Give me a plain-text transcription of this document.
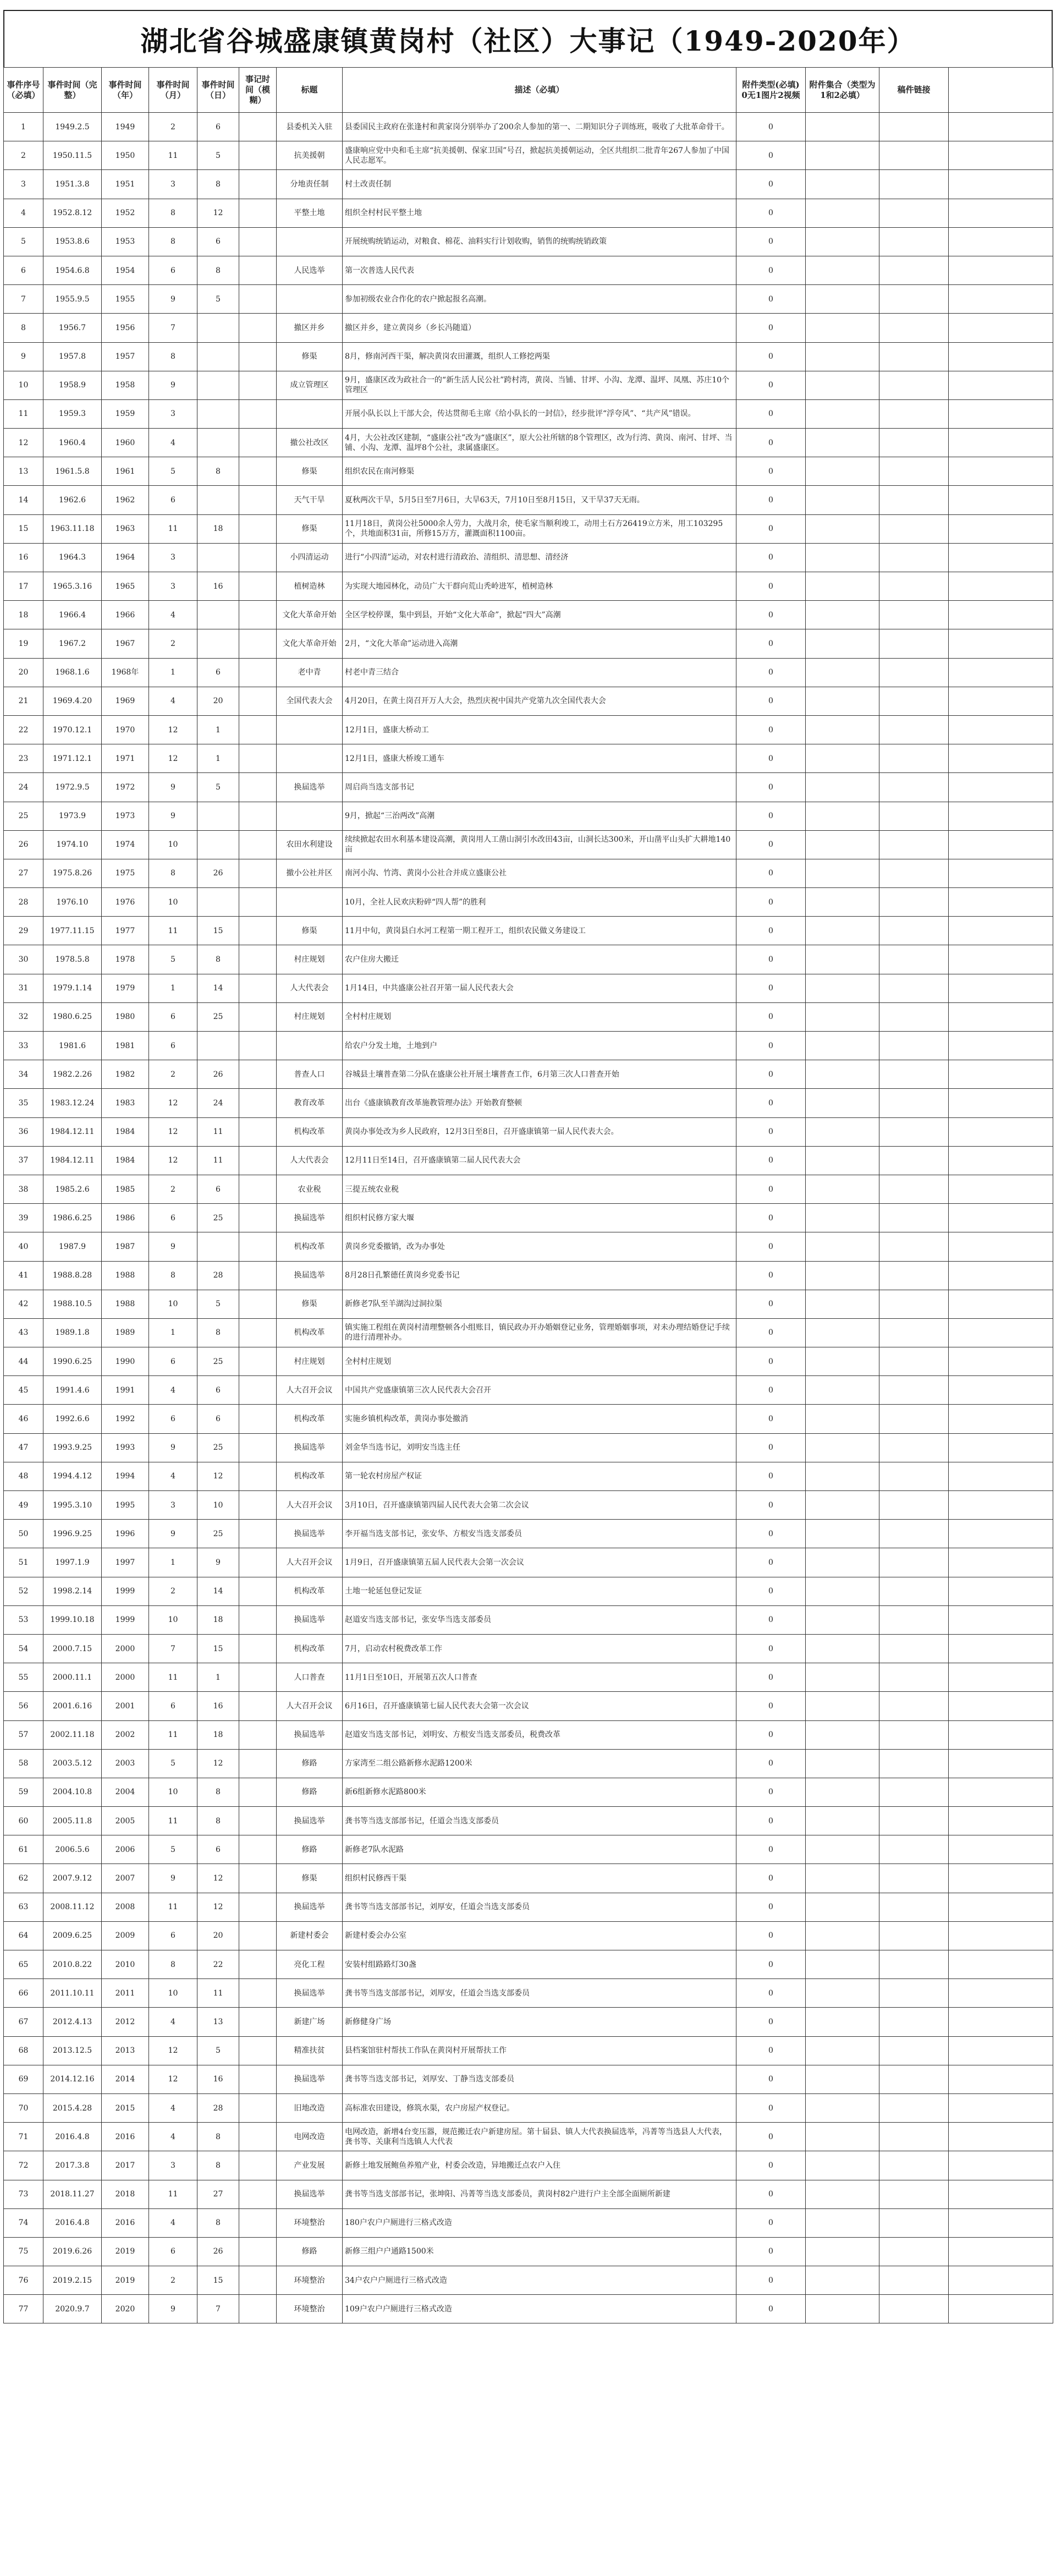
湖北省谷城盛康镇黄岗村（社区）大事记（1949-2020年）
事件序号（必填）	事件时间（完整）	事件时间（年）	事件时间（月）	事件时间（日）	事记时间（模糊）	标题	描述（必填）	附件类型(必填) 0无1图片2视频	附件集合（类型为1和2必填）	稿件链接	
1	1949.2.5	1949	2	6		县委机关入驻	县委国民主政府在张逢村和黄家岗分别举办了200余人参加的第一、二期知识分子训练班，吸收了大批革命骨干。	0			
2	1950.11.5	1950	11	5		抗美援朝	盛康响应党中央和毛主席“抗美援朝、保家卫国”号召，掀起抗美援朝运动，全区共组织二批青年267人参加了中国人民志愿军。	0			
3	1951.3.8	1951	3	8		分地责任制	村土改责任制	0			
4	1952.8.12	1952	8	12		平整土地	组织全村村民平整土地	0			
5	1953.8.6	1953	8	6			开展统购统销运动，对粮食、棉花、油料实行计划收购，销售的统购统销政策	0			
6	1954.6.8	1954	6	8		人民选举	第一次普选人民代表	0			
7	1955.9.5	1955	9	5			参加初级农业合作化的农户掀起报名高潮。	0			
8	1956.7	1956	7			撤区并乡	撤区并乡，建立黄岗乡（乡长冯随道）	0			
9	1957.8	1957	8			修渠	8月，修南河西干渠，解决黄岗农田灌溉，组织人工修挖两渠	0			
10	1958.9	1958	9			成立管理区	9月，盛康区改为政社合一的“新生活人民公社”跨村湾，黄岗、当铺、甘坪、小沟、龙潭、温坪、凤凰、苏庄10个管理区	0			
11	1959.3	1959	3				开展小队长以上干部大会，传达贯彻毛主席《给小队长的一封信》，经步批评“浮夸风”、“共产风”错误。	0			
12	1960.4	1960	4			撤公社改区	4月，大公社改区建制，“盛康公社”改为“盛康区”，原大公社所辖的8个管理区，改为行湾、黄岗、南河、甘坪、当铺、小沟、龙潭、温坪8个公社，隶属盛康区。	0			
13	1961.5.8	1961	5	8		修渠	组织农民在南河修渠	0			
14	1962.6	1962	6			天气干旱	夏秋两次干旱，5月5日至7月6日，大旱63天，7月10日至8月15日，又干旱37天无雨。	0			
15	1963.11.18	1963	11	18		修渠	11月18日，黄岗公社5000余人劳力，大战月余，使毛家当顺利竣工，动用土石方26419立方米，用工103295个，共地面积31亩，所修15万方，灌溉面积1100亩。	0			
16	1964.3	1964	3			小四清运动	进行“小四清”运动，对农村进行清政治、清组织、清思想、清经济	0			
17	1965.3.16	1965	3	16		植树造林	为实现大地园林化，动员广大干群向荒山秃岭进军，植树造林	0			
18	1966.4	1966	4			文化大革命开始	全区学校停课，集中到县，开始“文化大革命”，掀起“四大”高潮	0			
19	1967.2	1967	2			文化大革命开始	2月，“文化大革命”运动进入高潮	0			
20	1968.1.6	1968年	1	6		老中青	村老中青三结合	0			
21	1969.4.20	1969	4	20		全国代表大会	4月20日，在黄土岗召开万人大会，热烈庆祝中国共产党第九次全国代表大会	0			
22	1970.12.1	1970	12	1			12月1日，盛康大桥动工	0			
23	1971.12.1	1971	12	1			12月1日，盛康大桥竣工通车	0			
24	1972.9.5	1972	9	5		换届选举	周启尚当选支部书记	0			
25	1973.9	1973	9				9月，掀起“三治两改”高潮	0			
26	1974.10	1974	10			农田水利建设	续续掀起农田水利基本建设高潮，黄岗用人工凿山洞引水改田43亩，山洞长达300米，开山凿平山头扩大耕地140亩	0			
27	1975.8.26	1975	8	26		撤小公社并区	南河小沟、竹湾、黄岗小公社合并成立盛康公社	0			
28	1976.10	1976	10				10月，全社人民欢庆粉碎“四人帮”的胜利	0			
29	1977.11.15	1977	11	15		修渠	11月中旬，黄岗县白水河工程第一期工程开工，组织农民做义务建设工	0			
30	1978.5.8	1978	5	8		村庄规划	农户住房大搬迁	0			
31	1979.1.14	1979	1	14		人大代表会	1月14日，中共盛康公社召开第一届人民代表大会	0			
32	1980.6.25	1980	6	25		村庄规划	全村村庄规划	0			
33	1981.6	1981	6				给农户分发土地，土地到户	0			
34	1982.2.26	1982	2	26		普查人口	谷城县土壤普查第二分队在盛康公社开展土壤普查工作，6月第三次人口普查开始	0			
35	1983.12.24	1983	12	24		教育改革	出台《盛康镇教育改革施教管理办法》开始教育整顿	0			
36	1984.12.11	1984	12	11		机构改革	黄岗办事处改为乡人民政府，12月3日至8日，召开盛康镇第一届人民代表大会。	0			
37	1984.12.11	1984	12	11		人大代表会	12月11日至14日，召开盛康镇第二届人民代表大会	0			
38	1985.2.6	1985	2	6		农业税	三提五统农业税	0			
39	1986.6.25	1986	6	25		换届选举	组织村民修方家大堰	0			
40	1987.9	1987	9			机构改革	黄岗乡党委撤销，改为办事处	0			
41	1988.8.28	1988	8	28		换届选举	8月28日孔繁德任黄岗乡党委书记	0			
42	1988.10.5	1988	10	5		修渠	新修老7队至羊湖沟过洞拉渠	0			
43	1989.1.8	1989	1	8		机构改革	镇实施工程组在黄岗村清理整顿各小组账目，镇民政办开办婚姻登记业务，管理婚姻事项，对未办理结婚登记手续的进行清理补办。	0			
44	1990.6.25	1990	6	25		村庄规划	全村村庄规划	0			
45	1991.4.6	1991	4	6		人大召开会议	中国共产党盛康镇第三次人民代表大会召开	0			
46	1992.6.6	1992	6	6		机构改革	实施乡镇机构改革，黄岗办事处撤消	0			
47	1993.9.25	1993	9	25		换届选举	刘金华当选书记，刘明安当选主任	0			
48	1994.4.12	1994	4	12		机构改革	第一轮农村房屋产权证	0			
49	1995.3.10	1995	3	10		人大召开会议	3月10日，召开盛康镇第四届人民代表大会第二次会议	0			
50	1996.9.25	1996	9	25		换届选举	李开福当选支部书记，张安华、方根安当选支部委员	0			
51	1997.1.9	1997	1	9		人大召开会议	1月9日，召开盛康镇第五届人民代表大会第一次会议	0			
52	1998.2.14	1999	2	14		机构改革	土地一轮延包登记发证	0			
53	1999.10.18	1999	10	18		换届选举	赵道安当选支部书记，张安华当选支部委员	0			
54	2000.7.15	2000	7	15		机构改革	7月，启动农村税费改革工作	0			
55	2000.11.1	2000	11	1		人口普查	11月1日至10日，开展第五次人口普查	0			
56	2001.6.16	2001	6	16		人大召开会议	6月16日，召开盛康镇第七届人民代表大会第一次会议	0			
57	2002.11.18	2002	11	18		换届选举	赵道安当选支部书记，刘明安、方根安当选支部委员，税费改革	0			
58	2003.5.12	2003	5	12		修路	方家湾至二组公路新修水泥路1200米	0			
59	2004.10.8	2004	10	8		修路	新6组新修水泥路800米	0			
60	2005.11.8	2005	11	8		换届选举	龚书等当选支部部书记，任道会当选支部委员	0			
61	2006.5.6	2006	5	6		修路	新修老7队水泥路	0			
62	2007.9.12	2007	9	12		修渠	组织村民修西干渠	0			
63	2008.11.12	2008	11	12		换届选举	龚书等当选支部部书记，刘厚安，任道会当选支部委员	0			
64	2009.6.25	2009	6	20		新建村委会	新建村委会办公室	0			
65	2010.8.22	2010	8	22		亮化工程	安装村组路路灯30盏	0			
66	2011.10.11	2011	10	11		换届选举	龚书等当选支部部书记，刘厚安，任道会当选支部委员	0			
67	2012.4.13	2012	4	13		新建广场	新修健身广场	0			
68	2013.12.5	2013	12	5		精准扶贫	县档案馆驻村帮扶工作队在黄岗村开展帮扶工作	0			
69	2014.12.16	2014	12	16		换届选举	龚书等当选支部书记，刘厚安、丁静当选支部委员	0			
70	2015.4.28	2015	4	28		旧地改造	高标准农田建设，修筑水渠，农户房屋产权登记。	0			
71	2016.4.8	2016	4	8		电网改造	电网改造，新增4台变压器，规范搬迁农户新建房屋。第十届县、镇人大代表换届选举，冯菁等当选县人大代表，龚书等、关康利当选镇人大代表	0			
72	2017.3.8	2017	3	8		产业发展	新修土地发展鲍鱼养殖产业，村委会改造，异地搬迁点农户入住	0			
73	2018.11.27	2018	11	27		换届选举	龚书等当选支部部书记，张坤阳、冯菁等当选支部委员，黄岗村82户进行户主全部全面厕所新建	0			
74	2016.4.8	2016	4	8		环境整治	180户农户户厕进行三格式改造	0			
75	2019.6.26	2019	6	26		修路	新修三组户户通路1500米	0			
76	2019.2.15	2019	2	15		环境整治	34户农户户厕进行三格式改造	0			
77	2020.9.7	2020	9	7		环境整治	109户农户户厕进行三格式改造	0			
